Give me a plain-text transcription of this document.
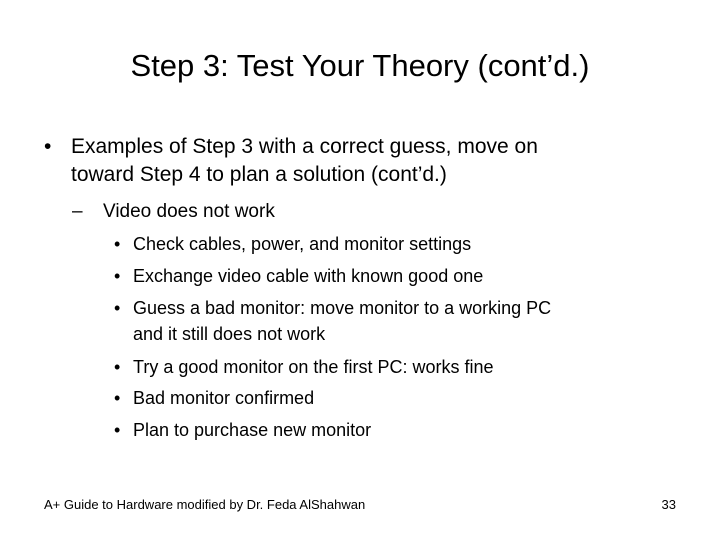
Step 3: Test Your Theory (cont’d.)
• Examples of Step 3 with a correct guess, move on
toward Step 4 to plan a solution (cont’d.)
– Video does not work
• Check cables, power, and monitor settings
• Exchange video cable with known good one
• Guess a bad monitor: move monitor to a working PC
and it still does not work
• Try a good monitor on the first PC: works fine
• Bad monitor confirmed
• Plan to purchase new monitor
A+ Guide to Hardware modified by Dr. Feda AlShahwan	33
